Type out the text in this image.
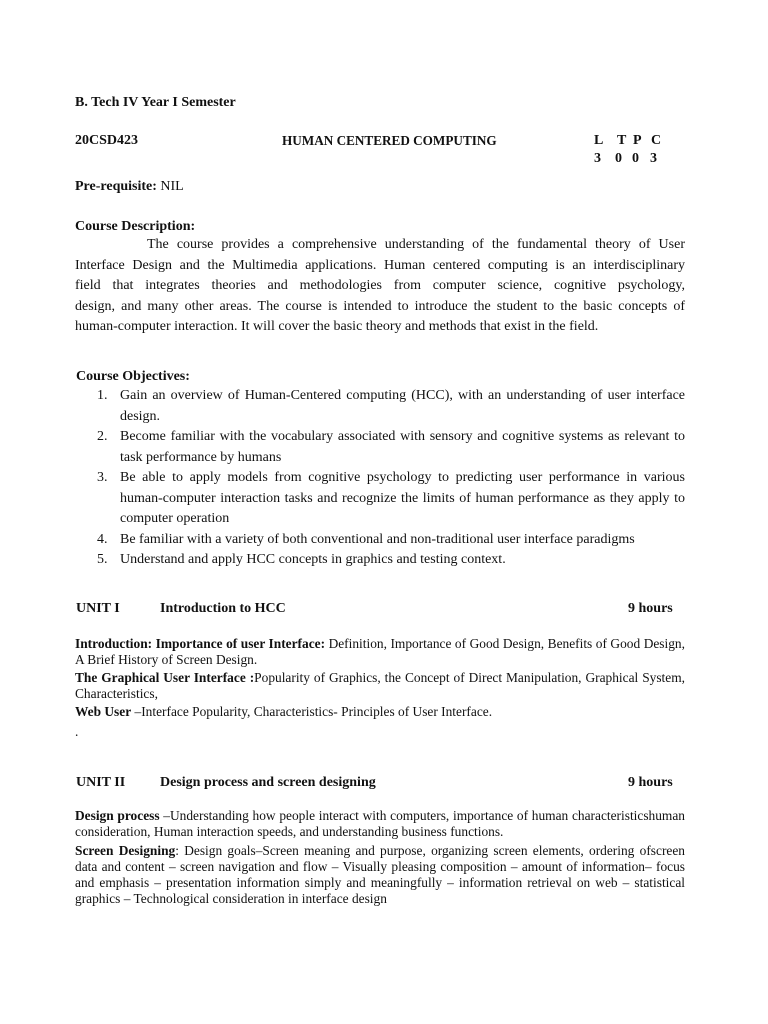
B. Tech IV Year I Semester
20CSD423	HUMAN CENTERED COMPUTING	L T P C
3 0 0 3
Pre-requisite: NIL
Course Description:
The course provides a comprehensive understanding of the fundamental theory of User
Interface Design and the Multimedia applications. Human centered computing is an interdisciplinary
field that integrates theories and methodologies from computer science, cognitive psychology,
design, and many other areas. The course is intended to introduce the student to the basic concepts of
human-computer interaction. It will cover the basic theory and methods that exist in the field.
Course Objectives:
1. Gain an overview of Human-Centered computing (HCC), with an understanding of user interface design.
2. Become familiar with the vocabulary associated with sensory and cognitive systems as relevant to task performance by humans
3. Be able to apply models from cognitive psychology to predicting user performance in various human-computer interaction tasks and recognize the limits of human performance as they apply to computer operation
4. Be familiar with a variety of both conventional and non-traditional user interface paradigms
5. Understand and apply HCC concepts in graphics and testing context.
UNIT I	Introduction to HCC	9 hours

Introduction: Importance of user Interface: Definition, Importance of Good Design, Benefits of Good Design, A Brief History of Screen Design.

The Graphical User Interface :Popularity of Graphics, the Concept of Direct Manipulation, Graphical System, Characteristics,

Web User –Interface Popularity, Characteristics- Principles of User Interface.

.

UNIT II Design process and screen designing	9 hours

Design process –Understanding how people interact with computers, importance of human characteristicshuman consideration, Human interaction speeds, and understanding business functions.

Screen Designing: Design goals–Screen meaning and purpose, organizing screen elements, ordering ofscreen data and content – screen navigation and flow – Visually pleasing composition – amount of information– focus and emphasis – presentation information simply and meaningfully – information retrieval on web – statistical graphics – Technological consideration in interface design
